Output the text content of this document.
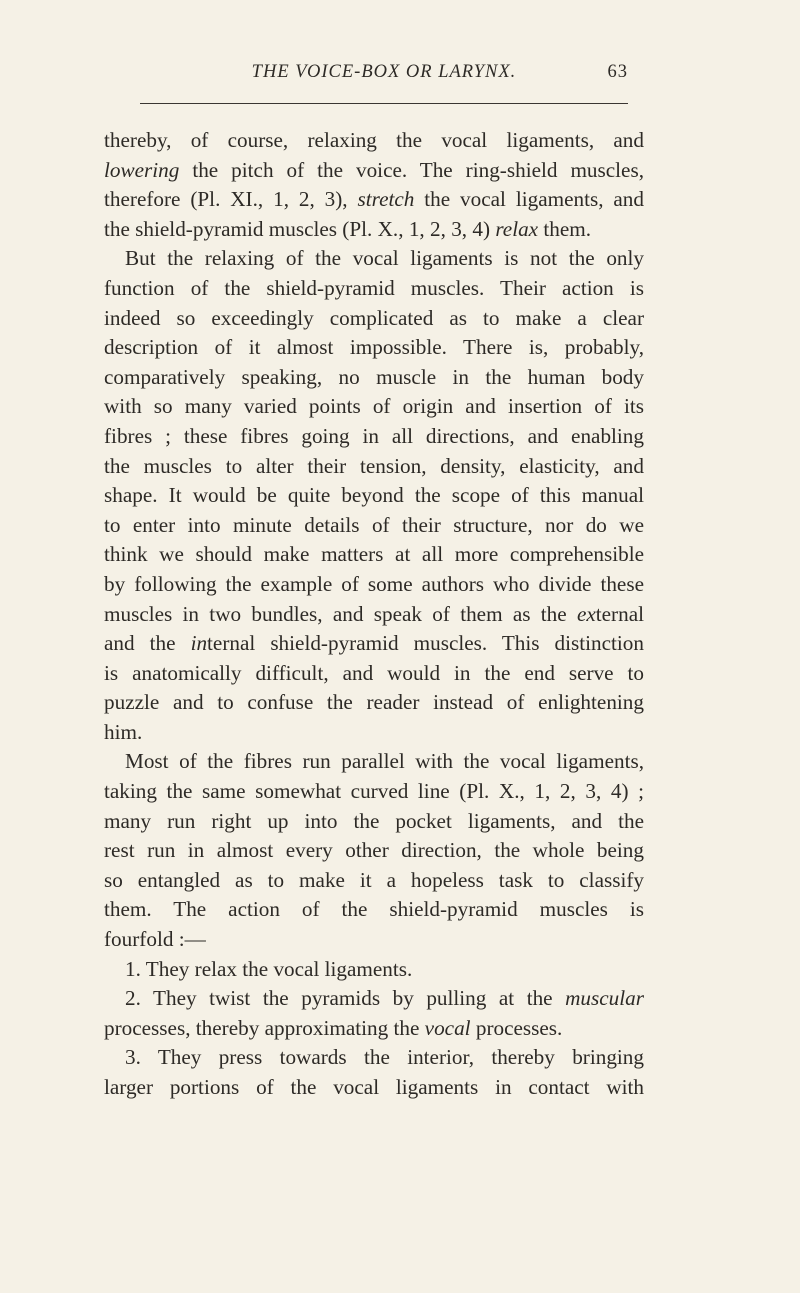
THE VOICE-BOX OR LARYNX.	63
thereby, of course, relaxing the vocal ligaments, and
lowering the pitch of the voice. The ring-shield muscles,
therefore (Pl. XI., 1, 2, 3), stretch the vocal ligaments, and
the shield-pyramid muscles (Pl. X., 1, 2, 3, 4) relax them.
But the relaxing of the vocal ligaments is not the only
function of the shield-pyramid muscles. Their action is
indeed so exceedingly complicated as to make a clear
description of it almost impossible. There is, probably,
comparatively speaking, no muscle in the human body
with so many varied points of origin and insertion of its
fibres ; these fibres going in all directions, and enabling
the muscles to alter their tension, density, elasticity, and
shape. It would be quite beyond the scope of this manual
to enter into minute details of their structure, nor do we
think we should make matters at all more comprehensible
by following the example of some authors who divide these
muscles in two bundles, and speak of them as the external
and the internal shield-pyramid muscles. This distinction
is anatomically difficult, and would in the end serve to
puzzle and to confuse the reader instead of enlightening
him.
Most of the fibres run parallel with the vocal ligaments,
taking the same somewhat curved line (Pl. X., 1, 2, 3, 4) ;
many run right up into the pocket ligaments, and the
rest run in almost every other direction, the whole being
so entangled as to make it a hopeless task to classify
them. The action of the shield-pyramid muscles is
fourfold :—
1. They relax the vocal ligaments.
2. They twist the pyramids by pulling at the muscular
processes, thereby approximating the vocal processes.
3. They press towards the interior, thereby bringing
larger portions of the vocal ligaments in contact with
